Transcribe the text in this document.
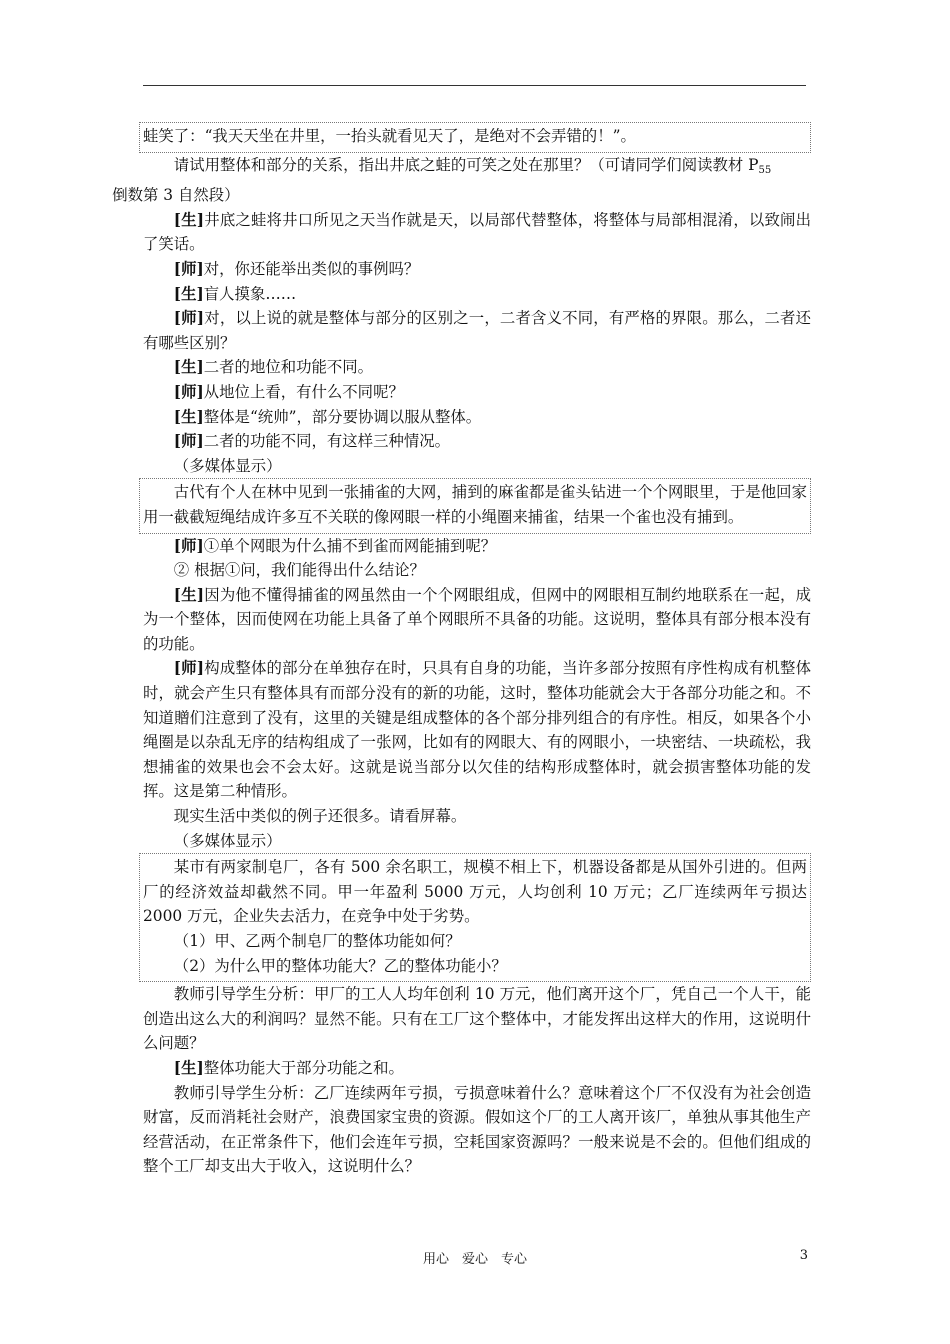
蛙笑了：“我天天坐在井里，一抬头就看见天了，是绝对不会弄错的！”。

请试用整体和部分的关系，指出井底之蛙的可笑之处在那里？（可请同学们阅读教材 $P_{55}$
倒数第 3 自然段）

[生]井底之蛙将井口所见之天当作就是天，以局部代替整体，将整体与局部相混淆，以致闹出了笑话。

[师]对，你还能举出类似的事例吗？

[生]盲人摸象……

[师]对，以上说的就是整体与部分的区别之一，二者含义不同，有严格的界限。那么，二者还有哪些区别？

[生]二者的地位和功能不同。

[师]从地位上看，有什么不同呢？

[生]整体是“统帅”，部分要协调以服从整体。

[师]二者的功能不同，有这样三种情况。

（多媒体显示）

古代有个人在林中见到一张捕雀的大网，捕到的麻雀都是雀头钻进一个个网眼里，于是他回家用一截截短绳结成许多互不关联的像网眼一样的小绳圈来捕雀，结果一个雀也没有捕到。

[师]①单个网眼为什么捕不到雀而网能捕到呢？

② 根据①问，我们能得出什么结论？

[生]因为他不懂得捕雀的网虽然由一个个网眼组成，但网中的网眼相互制约地联系在一起，成为一个整体，因而使网在功能上具备了单个网眼所不具备的功能。这说明，整体具有部分根本没有的功能。

[师]构成整体的部分在单独存在时，只具有自身的功能，当许多部分按照有序性构成有机整体时，就会产生只有整体具有而部分没有的新的功能，这时，整体功能就会大于各部分功能之和。不知道贈们注意到了没有，这里的关键是组成整体的各个部分排列组合的有序性。相反，如果各个小绳圈是以杂乱无序的结构组成了一张网，比如有的网眼大、有的网眼小，一块密结、一块疏松，我想捕雀的效果也会不会太好。这就是说当部分以欠佳的结构形成整体时，就会损害整体功能的发挥。这是第二种情形。

现实生活中类似的例子还很多。请看屏幕。

（多媒体显示）

某市有两家制皂厂，各有 500 余名职工，规模不相上下，机器设备都是从国外引进的。但两厂的经济效益却截然不同。甲一年盈利 5000 万元，人均创利 10 万元；乙厂连续两年亏损达 2000 万元，企业失去活力，在竞争中处于劣势。

（1）甲、乙两个制皂厂的整体功能如何？

（2）为什么甲的整体功能大？乙的整体功能小？

教师引导学生分析：甲厂的工人人均年创利 10 万元，他们离开这个厂，凭自己一个人干，能创造出这么大的利润吗？显然不能。只有在工厂这个整体中，才能发挥出这样大的作用，这说明什么问题？

[生]整体功能大于部分功能之和。

教师引导学生分析：乙厂连续两年亏损，亏损意味着什么？意味着这个厂不仅没有为社会创造财富，反而消耗社会财产，浪费国家宝贵的资源。假如这个厂的工人离开该厂，单独从事其他生产经营活动，在正常条件下，他们会连年亏损，空耗国家资源吗？一般来说是不会的。但他们组成的整个工厂却支出大于收入，这说明什么？

用心　爱心　专心	3
